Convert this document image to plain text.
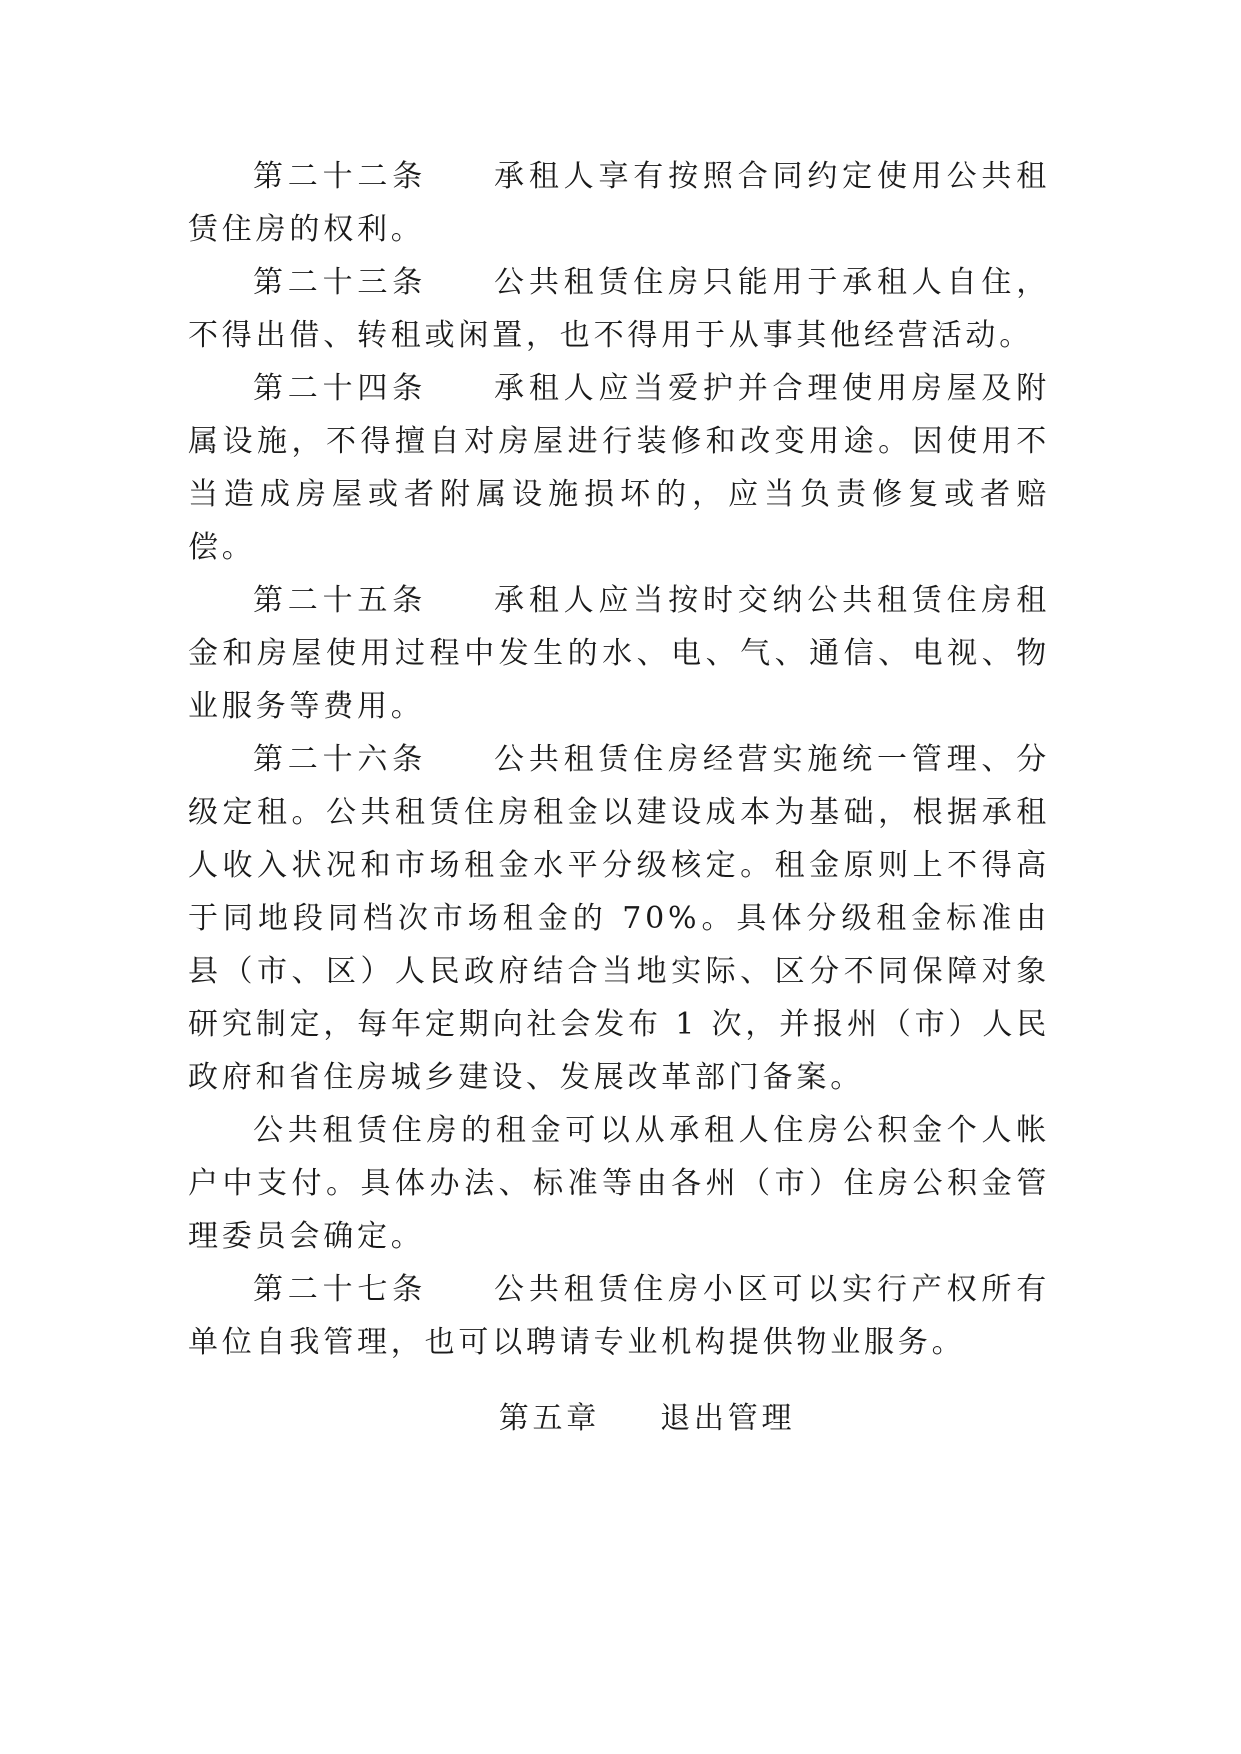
第二十二条 承租人享有按照合同约定使用公共租赁住房的权利。

第二十三条 公共租赁住房只能用于承租人自住，不得出借、转租或闲置，也不得用于从事其他经营活动。

第二十四条 承租人应当爱护并合理使用房屋及附属设施，不得擅自对房屋进行装修和改变用途。因使用不当造成房屋或者附属设施损坏的，应当负责修复或者赔偿。

第二十五条 承租人应当按时交纳公共租赁住房租金和房屋使用过程中发生的水、电、气、通信、电视、物业服务等费用。

第二十六条 公共租赁住房经营实施统一管理、分级定租。公共租赁住房租金以建设成本为基础，根据承租人收入状况和市场租金水平分级核定。租金原则上不得高于同地段同档次市场租金的 70%。具体分级租金标准由县（市、区）人民政府结合当地实际、区分不同保障对象研究制定，每年定期向社会发布 1 次，并报州（市）人民政府和省住房城乡建设、发展改革部门备案。

公共租赁住房的租金可以从承租人住房公积金个人帐户中支付。具体办法、标准等由各州（市）住房公积金管理委员会确定。

第二十七条 公共租赁住房小区可以实行产权所有单位自我管理，也可以聘请专业机构提供物业服务。

第五章 退出管理
